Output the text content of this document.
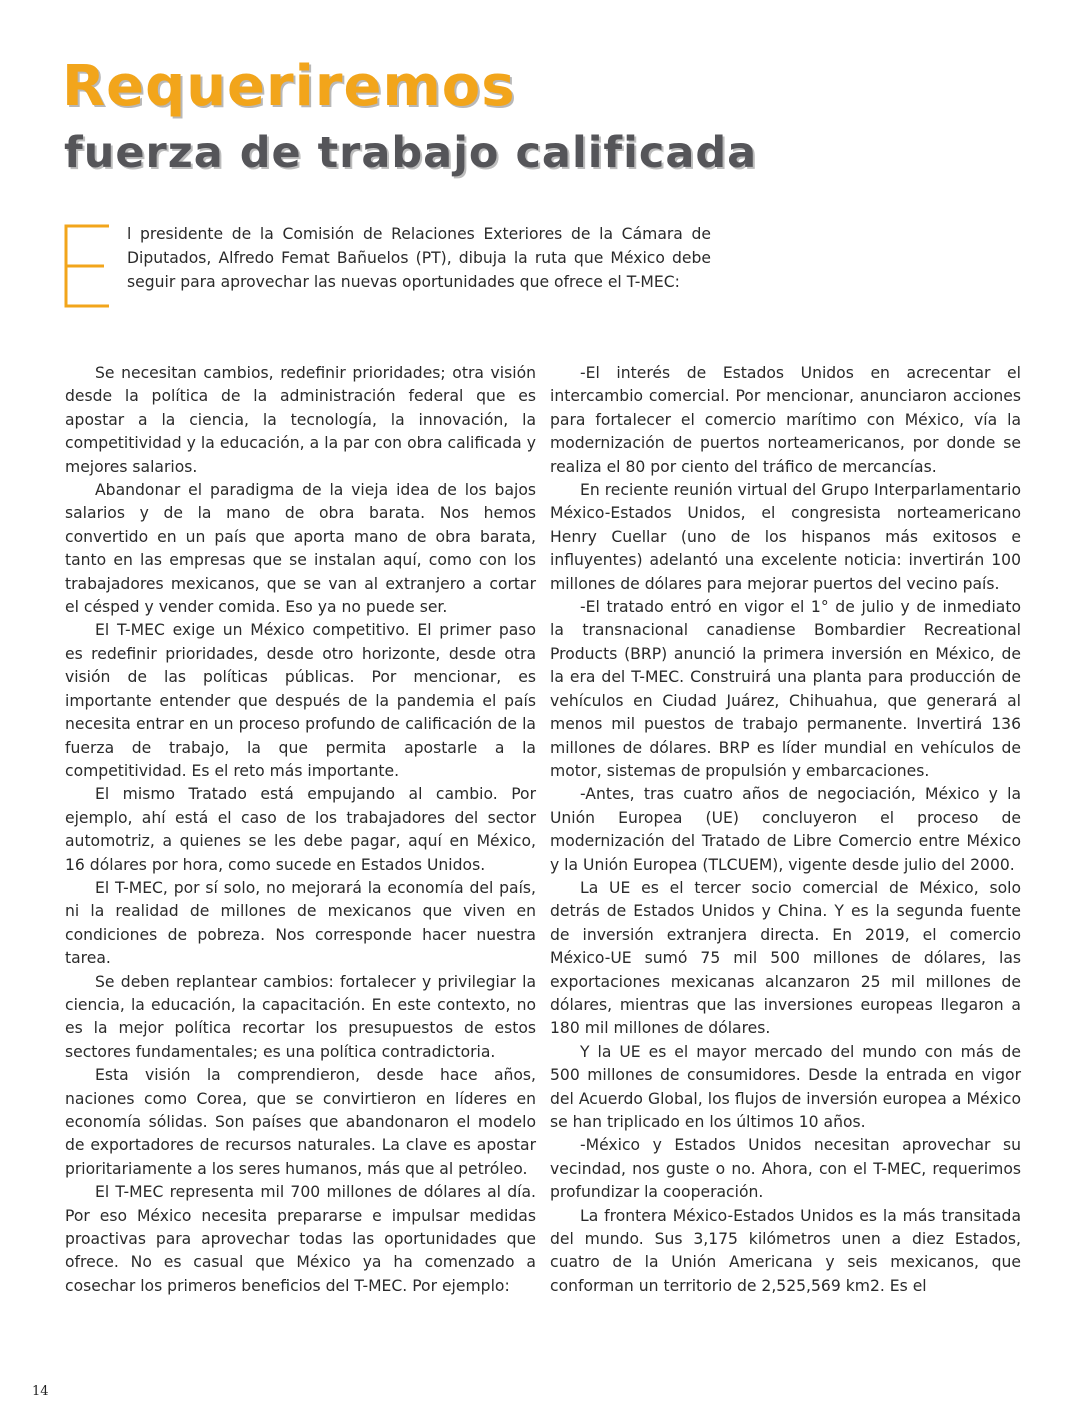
Requeriremos
fuerza de trabajo calificada

l presidente de la Comisión de Relaciones Exteriores de la Cámara de Diputados, Alfredo Femat Bañuelos (PT), dibuja la ruta que México debe seguir para aprovechar las nuevas oportunidades que ofrece el T-MEC:

Se necesitan cambios, redefinir prioridades; otra visión desde la política de la administración federal que es apostar a la ciencia, la tecnología, la innovación, la competitividad y la educación, a la par con obra calificada y mejores salarios.

Abandonar el paradigma de la vieja idea de los bajos salarios y de la mano de obra barata. Nos hemos convertido en un país que aporta mano de obra barata, tanto en las empresas que se instalan aquí, como con los trabajadores mexicanos, que se van al extranjero a cortar el césped y vender comida. Eso ya no puede ser.

El T-MEC exige un México competitivo. El primer paso es redefinir prioridades, desde otro horizonte, desde otra visión de las políticas públicas. Por mencionar, es importante entender que después de la pandemia el país necesita entrar en un proceso profundo de calificación de la fuerza de trabajo, la que permita apostarle a la competitividad. Es el reto más importante.

El mismo Tratado está empujando al cambio. Por ejemplo, ahí está el caso de los trabajadores del sector automotriz, a quienes se les debe pagar, aquí en México, 16 dólares por hora, como sucede en Estados Unidos.

El T-MEC, por sí solo, no mejorará la economía del país, ni la realidad de millones de mexicanos que viven en condiciones de pobreza. Nos corresponde hacer nuestra tarea.

Se deben replantear cambios: fortalecer y privilegiar la ciencia, la educación, la capacitación. En este contexto, no es la mejor política recortar los presupuestos de estos sectores fundamentales; es una política contradictoria.

Esta visión la comprendieron, desde hace años, naciones como Corea, que se convirtieron en líderes en economía sólidas. Son países que abandonaron el modelo de exportadores de recursos naturales. La clave es apostar prioritariamente a los seres humanos, más que al petróleo.

El T-MEC representa mil 700 millones de dólares al día. Por eso México necesita prepararse e impulsar medidas proactivas para aprovechar todas las oportunidades que ofrece. No es casual que México ya ha comenzado a cosechar los primeros beneficios del T-MEC. Por ejemplo:

-El interés de Estados Unidos en acrecentar el intercambio comercial. Por mencionar, anunciaron acciones para fortalecer el comercio marítimo con México, vía la modernización de puertos norteamericanos, por donde se realiza el 80 por ciento del tráfico de mercancías.

En reciente reunión virtual del Grupo Interparlamentario México-Estados Unidos, el congresista norteamericano Henry Cuellar (uno de los hispanos más exitosos e influyentes) adelantó una excelente noticia: invertirán 100 millones de dólares para mejorar puertos del vecino país.

-El tratado entró en vigor el 1° de julio y de inmediato la transnacional canadiense Bombardier Recreational Products (BRP) anunció la primera inversión en México, de la era del T-MEC. Construirá una planta para producción de vehículos en Ciudad Juárez, Chihuahua, que generará al menos mil puestos de trabajo permanente. Invertirá 136 millones de dólares. BRP es líder mundial en vehículos de motor, sistemas de propulsión y embarcaciones.

-Antes, tras cuatro años de negociación, México y la Unión Europea (UE) concluyeron el proceso de modernización del Tratado de Libre Comercio entre México y la Unión Europea (TLCUEM), vigente desde julio del 2000.

La UE es el tercer socio comercial de México, solo detrás de Estados Unidos y China. Y es la segunda fuente de inversión extranjera directa. En 2019, el comercio México-UE sumó 75 mil 500 millones de dólares, las exportaciones mexicanas alcanzaron 25 mil millones de dólares, mientras que las inversiones europeas llegaron a 180 mil millones de dólares.

Y la UE es el mayor mercado del mundo con más de 500 millones de consumidores. Desde la entrada en vigor del Acuerdo Global, los flujos de inversión europea a México se han triplicado en los últimos 10 años.

-México y Estados Unidos necesitan aprovechar su vecindad, nos guste o no. Ahora, con el T-MEC, requerimos profundizar la cooperación.

La frontera México-Estados Unidos es la más transitada del mundo. Sus 3,175 kilómetros unen a diez Estados, cuatro de la Unión Americana y seis mexicanos, que conforman un territorio de 2,525,569 km2. Es el

14
